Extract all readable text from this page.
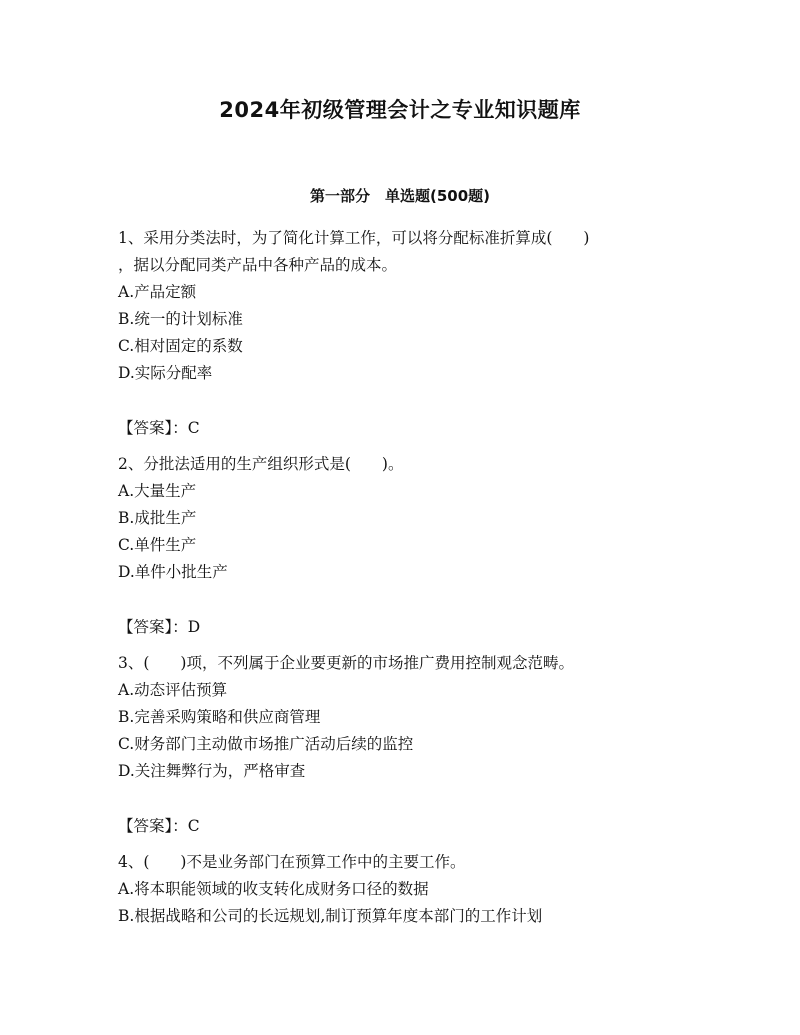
2024年初级管理会计之专业知识题库
第一部分　单选题(500题)
1、采用分类法时，为了简化计算工作，可以将分配标准折算成(　　)
，据以分配同类产品中各种产品的成本。
A.产品定额
B.统一的计划标准
C.相对固定的系数
D.实际分配率
【答案】：C
2、分批法适用的生产组织形式是(　　)。
A.大量生产
B.成批生产
C.单件生产
D.单件小批生产
【答案】：D
3、(　　)项，不列属于企业要更新的市场推广费用控制观念范畴。
A.动态评估预算
B.完善采购策略和供应商管理
C.财务部门主动做市场推广活动后续的监控
D.关注舞弊行为，严格审查
【答案】：C
4、(　　)不是业务部门在预算工作中的主要工作。
A.将本职能领域的收支转化成财务口径的数据
B.根据战略和公司的长远规划,制订预算年度本部门的工作计划
